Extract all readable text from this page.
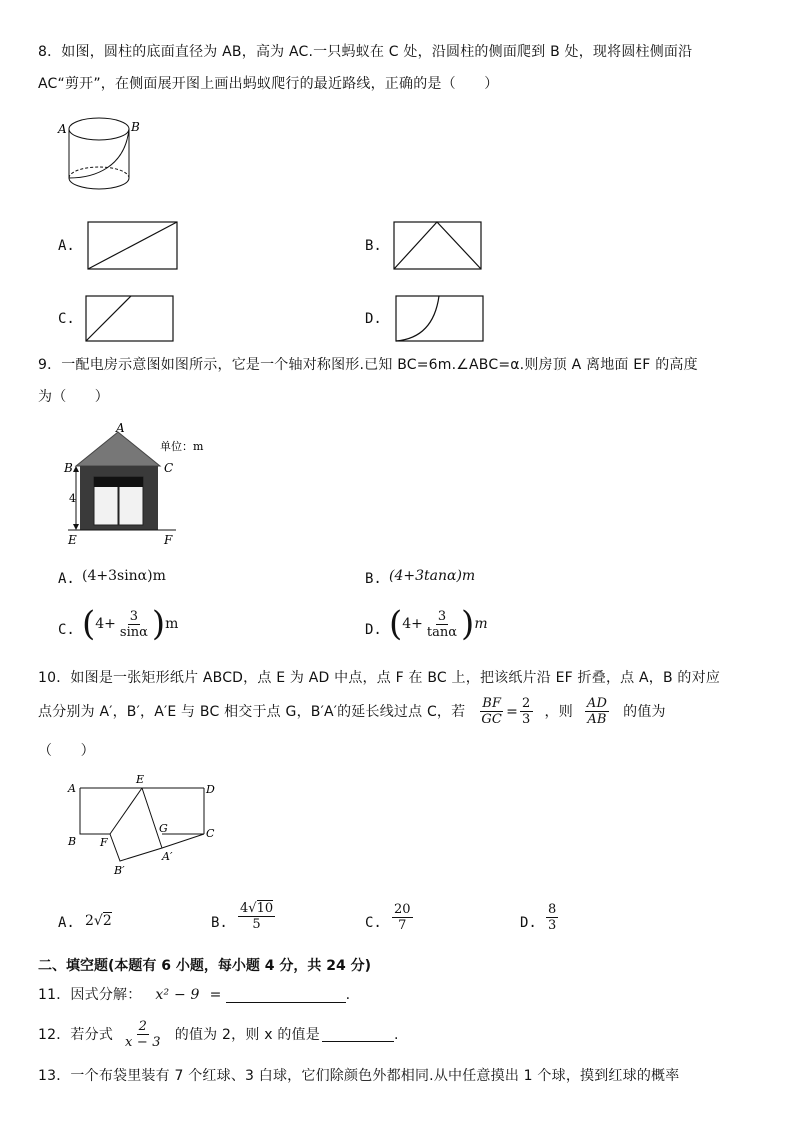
8．如图，圆柱的底面直径为 AB，高为 AC.一只蚂蚁在 C 处，沿圆柱的侧面爬到 B 处，现将圆柱侧面沿
AC“剪开”，在侧面展开图上画出蚂蚁爬行的最近路线，正确的是（　　）
A	B
A.	B.
C.	D.
9．一配电房示意图如图所示，它是一个轴对称图形.已知 BC=6m.∠ABC=α.则房顶 A 离地面 EF 的高度
为（　　）
A
B	C
E	F
4
单位：m
A. (4+3sinα)m	B. (4+3tanα)m
C. ( $4+ \frac{3}{\sin\alpha}$ ) m	D. ( $4+ \frac{3}{\tan\alpha}$ ) m
10．如图是一张矩形纸片 ABCD，点 E 为 AD 中点，点 F 在 BC 上，把该纸片沿 EF 折叠，点 A，B 的对应
点分别为 A′，B′，A′E 与 BC 相交于点 G，B′A′的延长线过点 C，若 $\frac{BF}{GC} = \frac{2}{3}$ ，则 $\frac{AD}{AB}$ 的值为
（　　）
A
B
D
C
E
F
G
A′
B′
A. 2√2	B. $\frac{4√10}{5}$	C. $\frac{20}{7}$	D. $\frac{8}{3}$
二、填空题(本题有 6 小题，每小题 4 分，共 24 分)
11．因式分解： x² − 9 =	.
12．若分式 $\frac{2}{x - 3}$ 的值为 2，则 x 的值是	.
13．一个布袋里装有 7 个红球、3 白球，它们除颜色外都相同.从中任意摸出 1 个球，摸到红球的概率
